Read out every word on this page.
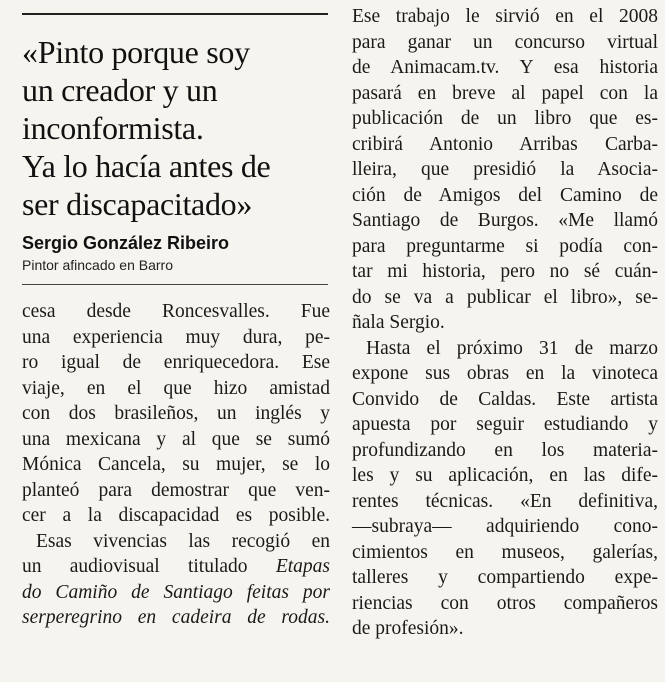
«Pinto porque soy
un creador y un
inconformista.
Ya lo hacía antes de
ser discapacitado»
Sergio González Ribeiro
Pintor afincado en Barro
cesa desde Roncesvalles. Fue
una experiencia muy dura, pe-
ro igual de enriquecedora. Ese
viaje, en el que hizo amistad
con dos brasileños, un inglés y
una mexicana y al que se sumó
Mónica Cancela, su mujer, se lo
planteó para demostrar que ven-
cer a la discapacidad es posible.
Esas vivencias las recogió en
un audiovisual titulado Etapas
do Camiño de Santiago feitas por
serperegrino en cadeira de rodas.
Ese trabajo le sirvió en el 2008
para ganar un concurso virtual
de Animacam.tv. Y esa historia
pasará en breve al papel con la
publicación de un libro que es-
cribirá Antonio Arribas Carba-
lleira, que presidió la Asocia-
ción de Amigos del Camino de
Santiago de Burgos. «Me llamó
para preguntarme si podía con-
tar mi historia, pero no sé cuán-
do se va a publicar el libro», se-
ñala Sergio.
Hasta el próximo 31 de marzo
expone sus obras en la vinoteca
Convido de Caldas. Este artista
apuesta por seguir estudiando y
profundizando en los materia-
les y su aplicación, en las dife-
rentes técnicas. «En definitiva,
—subraya— adquiriendo cono-
cimientos en museos, galerías,
talleres y compartiendo expe-
riencias con otros compañeros
de profesión».
